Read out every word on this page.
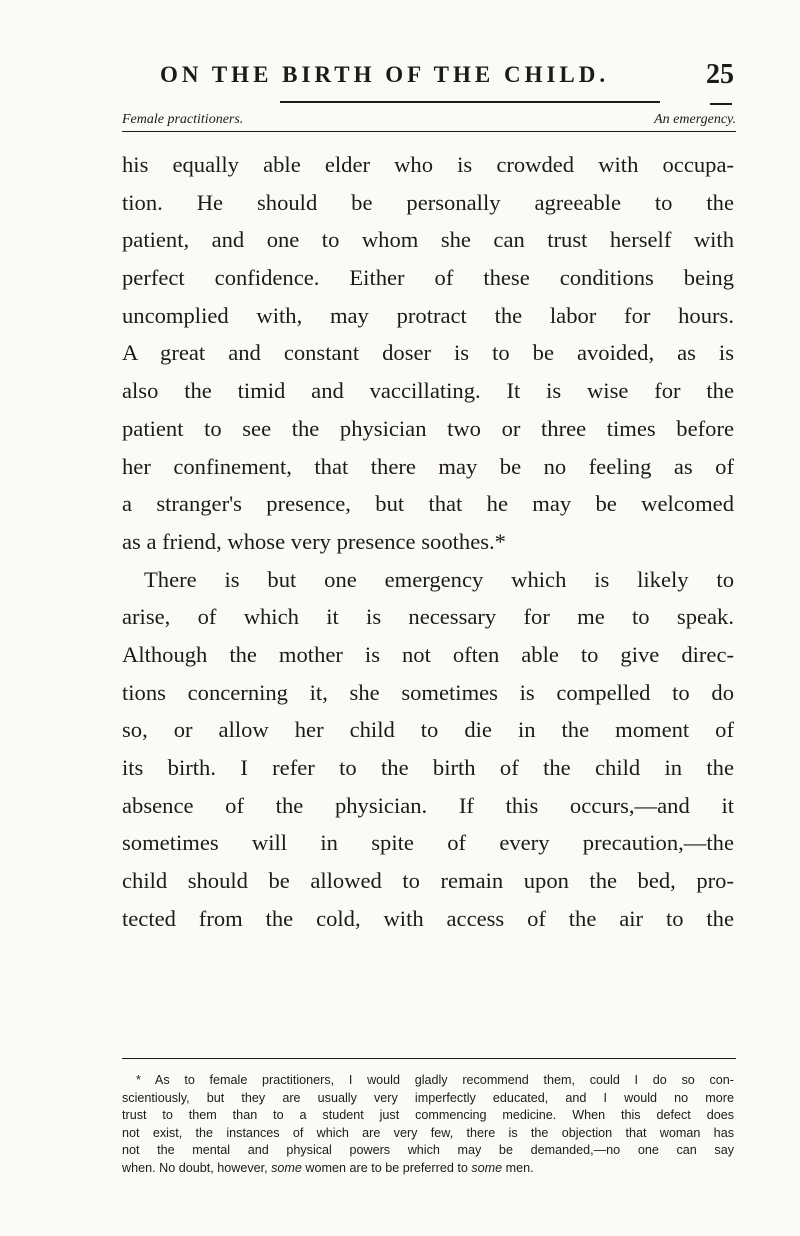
ON THE BIRTH OF THE CHILD.	25
Female practitioners.	An emergency.
his equally able elder who is crowded with occupa-
tion. He should be personally agreeable to the
patient, and one to whom she can trust herself with
perfect confidence. Either of these conditions being
uncomplied with, may protract the labor for hours.
A great and constant doser is to be avoided, as is
also the timid and vaccillating. It is wise for the
patient to see the physician two or three times before
her confinement, that there may be no feeling as of
a stranger's presence, but that he may be welcomed
as a friend, whose very presence soothes.*
There is but one emergency which is likely to
arise, of which it is necessary for me to speak.
Although the mother is not often able to give direc-
tions concerning it, she sometimes is compelled to do
so, or allow her child to die in the moment of
its birth. I refer to the birth of the child in the
absence of the physician. If this occurs,—and it
sometimes will in spite of every precaution,—the
child should be allowed to remain upon the bed, pro-
tected from the cold, with access of the air to the
* As to female practitioners, I would gladly recommend them, could I do so con-
scientiously, but they are usually very imperfectly educated, and I would no more
trust to them than to a student just commencing medicine. When this defect does
not exist, the instances of which are very few, there is the objection that woman has
not the mental and physical powers which may be demanded,—no one can say
when. No doubt, however, some women are to be preferred to some men.
